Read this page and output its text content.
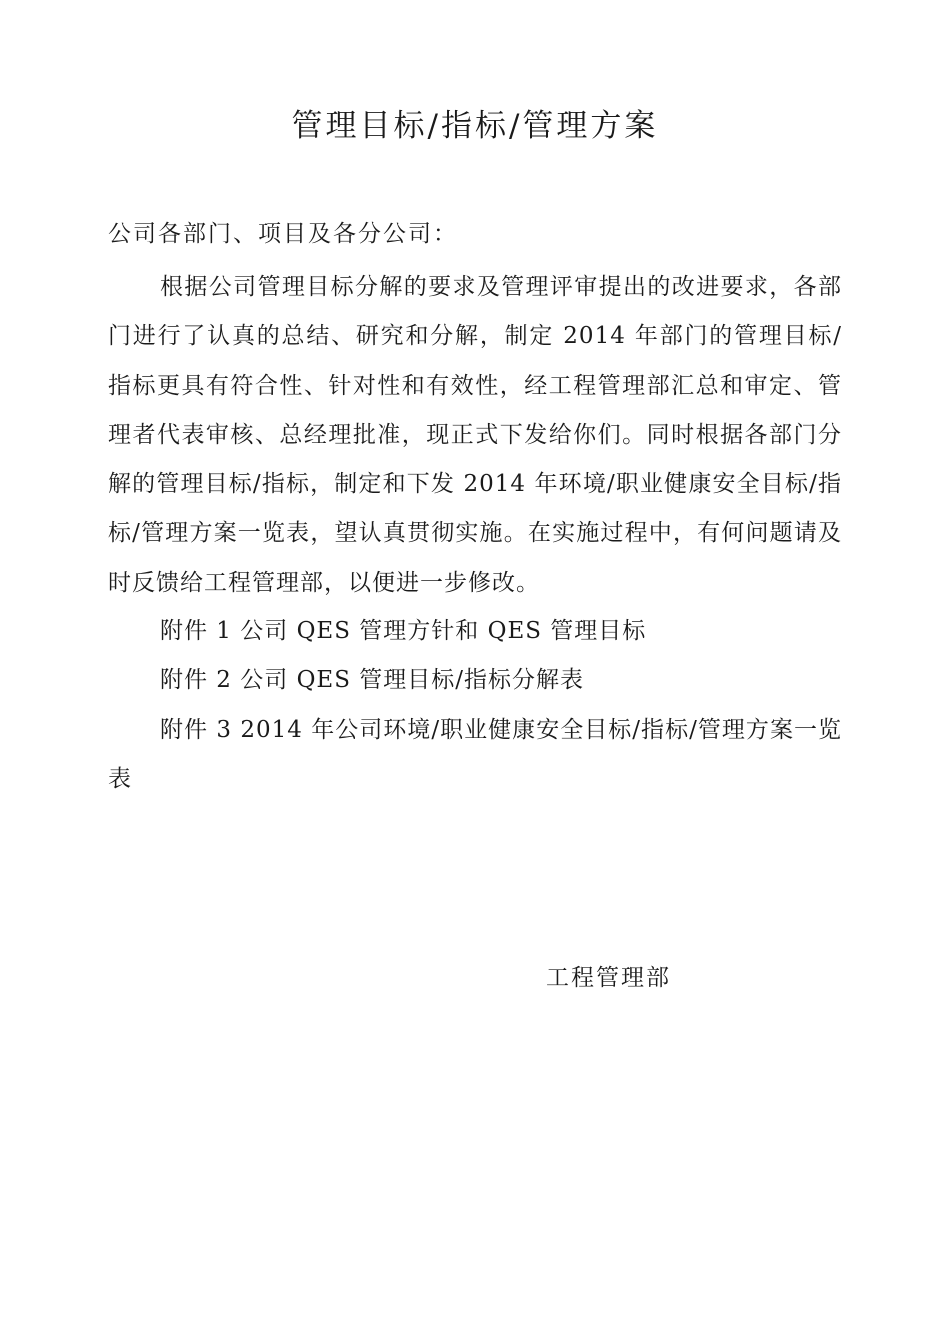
管理目标/指标/管理方案
公司各部门、项目及各分公司：

根据公司管理目标分解的要求及管理评审提出的改进要求，各部门进行了认真的总结、研究和分解，制定 2014 年部门的管理目标/指标更具有符合性、针对性和有效性，经工程管理部汇总和审定、管理者代表审核、总经理批准，现正式下发给你们。同时根据各部门分解的管理目标/指标，制定和下发 2014 年环境/职业健康安全目标/指标/管理方案一览表，望认真贯彻实施。在实施过程中，有何问题请及时反馈给工程管理部，以便进一步修改。

附件 1 公司 QES 管理方针和 QES 管理目标

附件 2 公司 QES 管理目标/指标分解表

附件 3 2014 年公司环境/职业健康安全目标/指标/管理方案一览表

工程管理部
